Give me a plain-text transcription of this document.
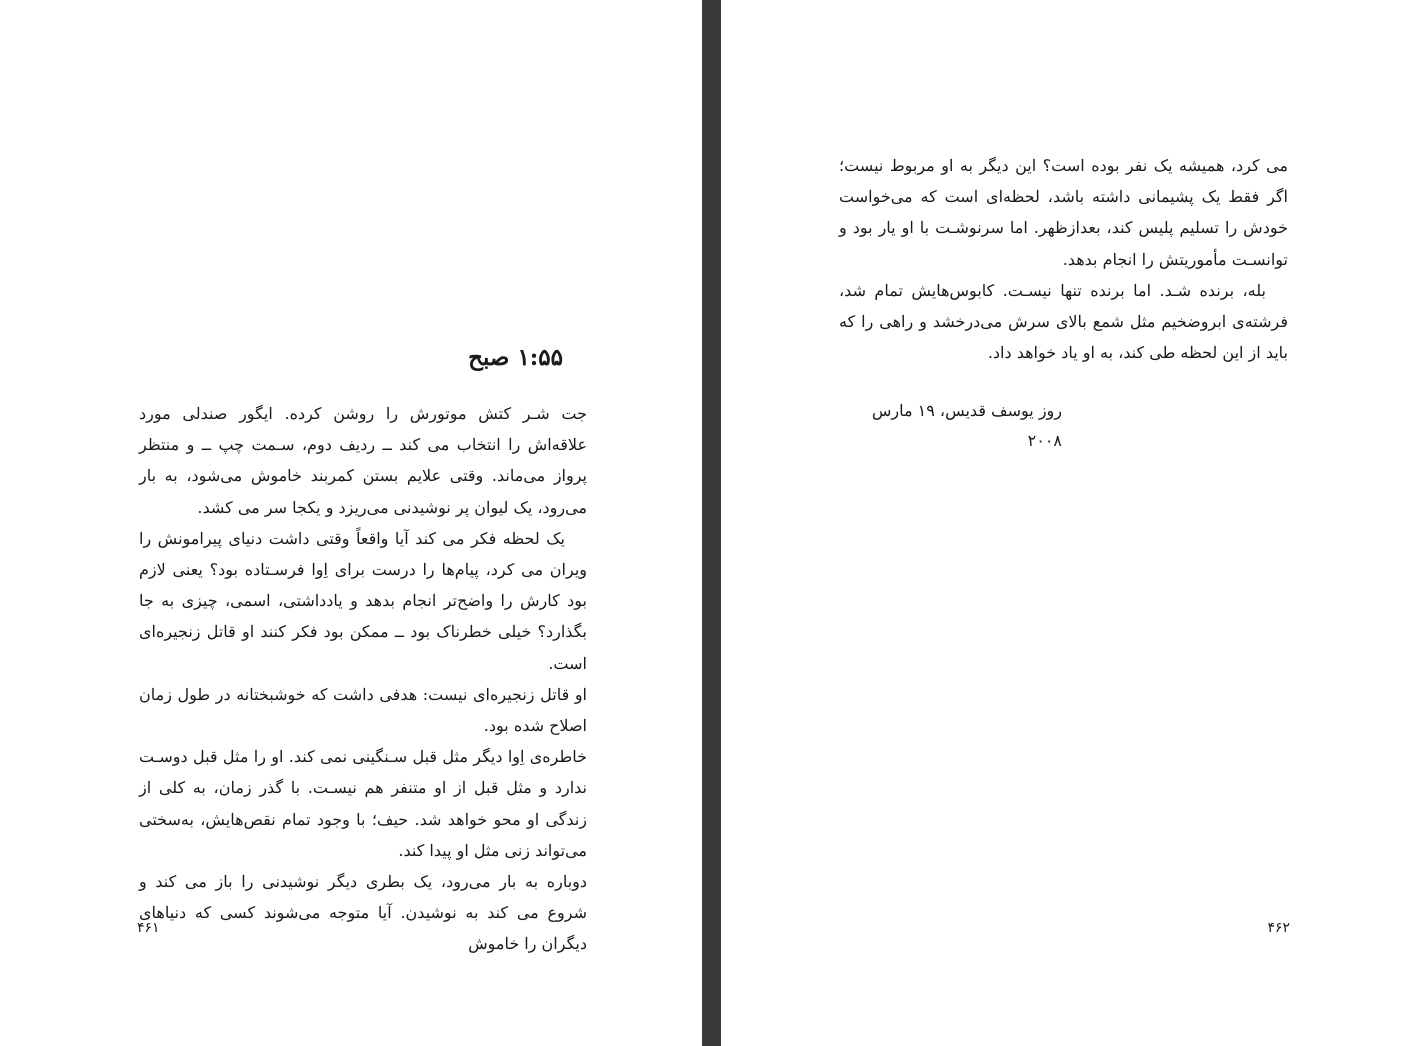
۱:۵۵ صبح

جت شـر کتش موتورش را روشن کرده. ایگور صندلی مورد علاقه‌اش را انتخاب می کند ــ ردیف دوم، سـمت چپ ــ و منتظر پرواز می‌ماند. وقتی علایم بستن کمربند خاموش می‌شود، به بار می‌رود، یک لیوان پر نوشیدنی می‌ریزد و یکجا سر می کشد.

یک لحظه فکر می کند آیا واقعاً وقتی داشت دنیای پیرامونش را ویران می کرد، پیام‌ها را درست برای اِوا فرسـتاده بود؟ یعنی لازم بود کارش را واضح‌تر انجام بدهد و یادداشتی، اسمی، چیزی به جا بگذارد؟ خیلی خطرناک بود ــ ممکن بود فکر کنند او قاتل زنجیره‌ای است.

او قاتل زنجیره‌ای نیست: هدفی داشت که خوشبختانه در طول زمان اصلاح شده بود.

خاطره‌ی اِوا دیگر مثل قبل سـنگینی نمی کند. او را مثل قبل دوسـت ندارد و مثل قبل از او متنفر هم نیسـت. با گذر زمان، به کلی از زندگی او محو خواهد شد. حیف؛ با وجود تمام نقص‌هایش، به‌سختی می‌تواند زنی مثل او پیدا کند.

دوباره به بار می‌رود، یک بطری دیگر نوشیدنی را باز می کند و شروع می کند به نوشیدن. آیا متوجه می‌شوند کسی که دنیاهای دیگران را خاموش

۴۶۱

می کرد، همیشه یک نفر بوده است؟ این دیگر به او مربوط نیست؛ اگر فقط یک پشیمانی داشته باشد، لحظه‌ای است که می‌خواست خودش را تسلیم پلیس کند، بعدازظهر. اما سرنوشـت با او یار بود و توانسـت مأموریتش را انجام بدهد.

بله، برنده شـد. اما برنده تنها نیسـت. کابوس‌هایش تمام شد، فرشته‌ی ابروضخیم مثل شمع بالای سرش می‌درخشد و راهی را که باید از این لحظه طی کند، به او یاد خواهد داد.

روز یوسف قدیس، ۱۹ مارس ۲۰۰۸
۴۶۲
